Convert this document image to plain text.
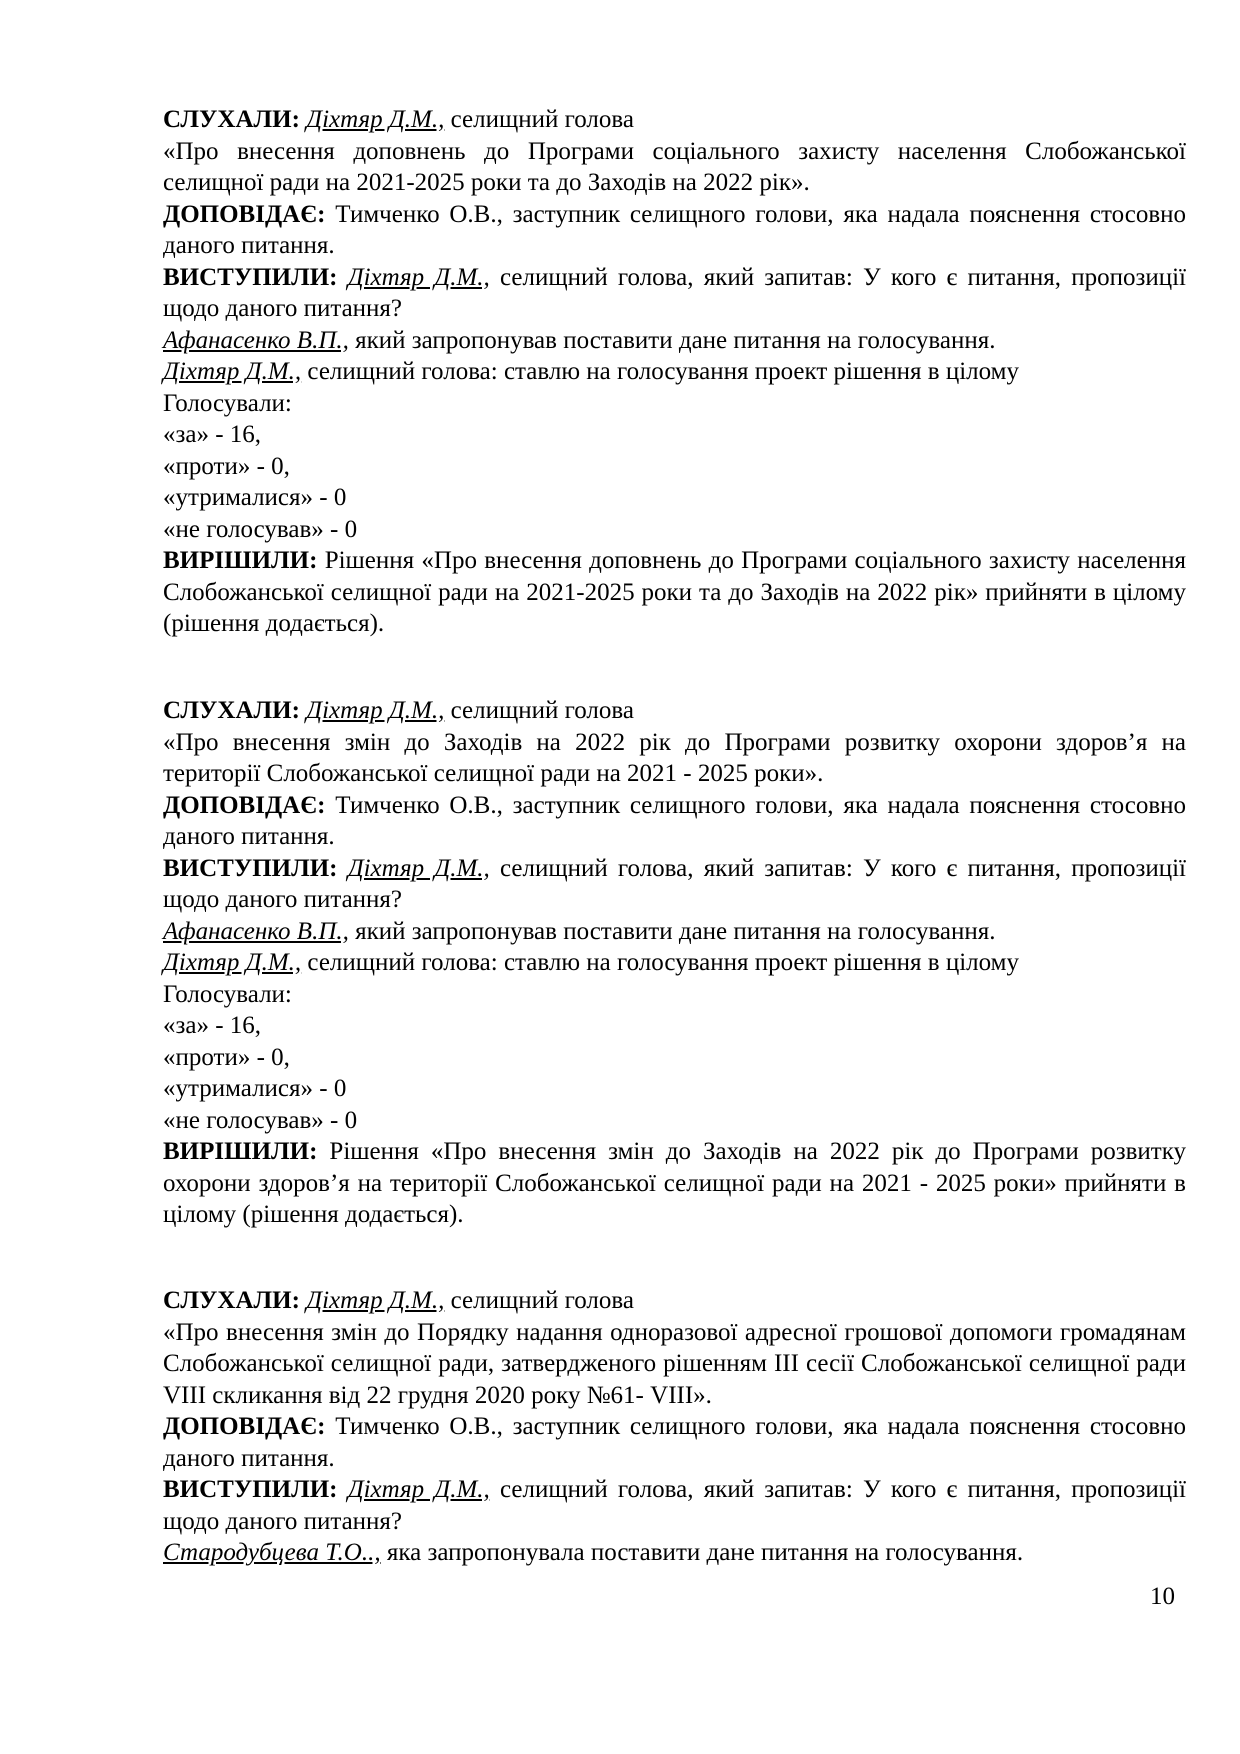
СЛУХАЛИ: Діхтяр Д.М., селищний голова
«Про внесення доповнень до Програми соціального захисту населення Слобожанської селищної ради на 2021-2025 роки та до Заходів на 2022 рік».
ДОПОВІДАЄ: Тимченко О.В., заступник селищного голови, яка надала пояснення стосовно даного питання.
ВИСТУПИЛИ: Діхтяр Д.М., селищний голова, який запитав: У кого є питання, пропозиції щодо даного питання?
Афанасенко В.П., який запропонував поставити дане питання на голосування.
Діхтяр Д.М., селищний голова: ставлю на голосування проект рішення в цілому
Голосували:
«за» - 16,
«проти» - 0,
«утрималися» - 0
«не голосував» - 0
ВИРІШИЛИ: Рішення «Про внесення доповнень до Програми соціального захисту населення Слобожанської селищної ради на 2021-2025 роки та до Заходів на 2022 рік» прийняти в цілому (рішення додається).
СЛУХАЛИ: Діхтяр Д.М., селищний голова
«Про внесення змін до Заходів на 2022 рік до Програми розвитку охорони здоров’я на території Слобожанської селищної ради на 2021 - 2025 роки».
ДОПОВІДАЄ: Тимченко О.В., заступник селищного голови, яка надала пояснення стосовно даного питання.
ВИСТУПИЛИ: Діхтяр Д.М., селищний голова, який запитав: У кого є питання, пропозиції щодо даного питання?
Афанасенко В.П., який запропонував поставити дане питання на голосування.
Діхтяр Д.М., селищний голова: ставлю на голосування проект рішення в цілому
Голосували:
«за» - 16,
«проти» - 0,
«утрималися» - 0
«не голосував» - 0
ВИРІШИЛИ: Рішення «Про внесення змін до Заходів на 2022 рік до Програми розвитку охорони здоров’я на території Слобожанської селищної ради на 2021 - 2025 роки» прийняти в цілому (рішення додається).
СЛУХАЛИ: Діхтяр Д.М., селищний голова
«Про внесення змін до Порядку надання одноразової адресної грошової допомоги громадянам Слобожанської селищної ради, затвердженого рішенням ІІІ сесії Слобожанської селищної ради VIII скликання від 22 грудня 2020 року №61- VIII».
ДОПОВІДАЄ: Тимченко О.В., заступник селищного голови, яка надала пояснення стосовно даного питання.
ВИСТУПИЛИ: Діхтяр Д.М., селищний голова, який запитав: У кого є питання, пропозиції щодо даного питання?
Стародубцева Т.О.., яка запропонувала поставити дане питання на голосування.
10
